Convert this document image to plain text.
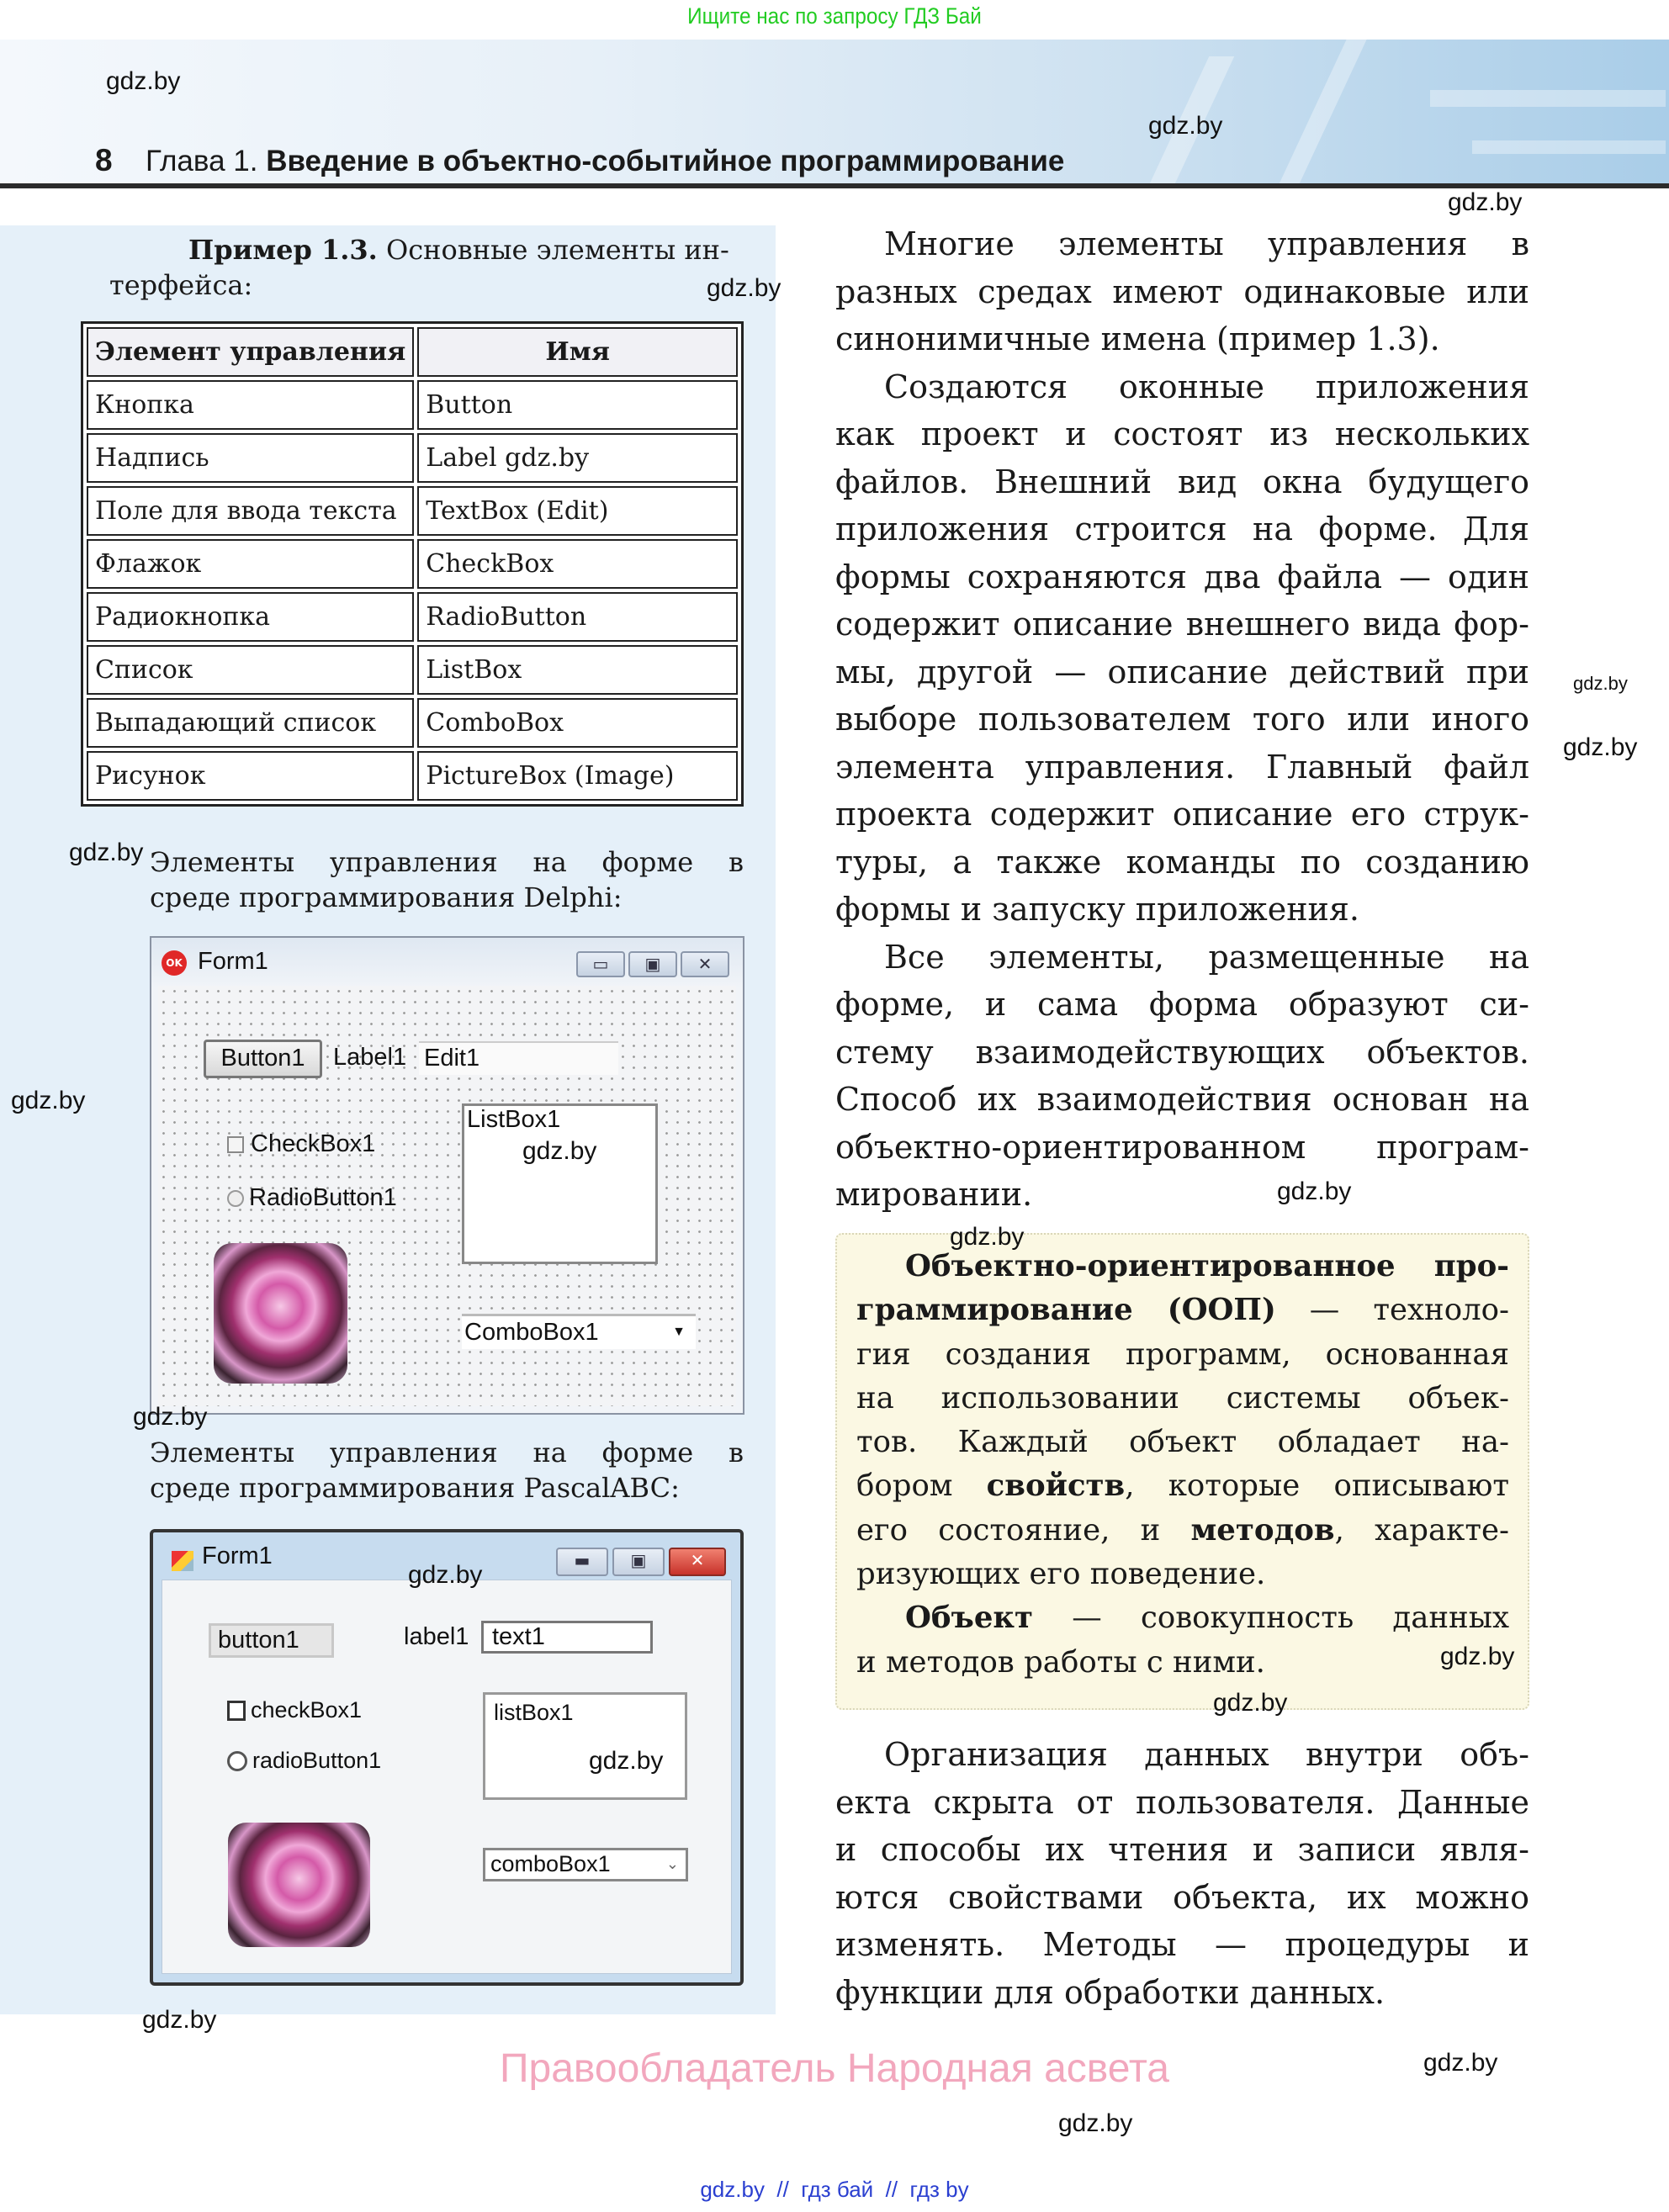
Ищите нас по запросу ГДЗ Бай
8 Глава 1. Введение в объектно-событийное программирование
Пример 1.3. Основные элементы ин-
терфейса:
Элемент управления	Имя
Кнопка	Button
Надпись	Label gdz.by
Поле для ввода текста	TextBox (Edit)
Флажок	CheckBox
Радиокнопка	RadioButton
Список	ListBox
Выпадающий список	ComboBox
Рисунок	PictureBox (Image)
Элементы управления на форме в
среде программирования Delphi:
OK Form1	▭	▣	✕
Button1	Label1 Edit1
ListBox1
CheckBox1
RadioButton1
ComboBox1	▼
Элементы управления на форме в
среде программирования PascalABC:
Form1	▬	▣	✕
button1	label1 text1
listBox1
checkBox1
radioButton1
comboBox1	⌄
Многие элементы управления в
разных средах имеют одинаковые или
синонимичные имена (пример 1.3).
Создаются оконные приложения
как проект и состоят из нескольких
файлов. Внешний вид окна будущего
приложения строится на форме. Для
формы сохраняются два файла — один
содержит описание внешнего вида фор-
мы, другой — описание действий при
выборе пользователем того или иного
элемента управления. Главный файл
проекта содержит описание его струк-
туры, а также команды по созданию
формы и запуску приложения.
Все элементы, размещенные на
форме, и сама форма образуют си-
стему взаимодействующих объектов.
Способ их взаимодействия основан на
объектно-ориентированном програм-
мировании.
Объектно-ориентированное про-
граммирование (ООП) — техноло-
гия создания программ, основанная
на использовании системы объек-
тов. Каждый объект обладает на-
бором свойств, которые описывают
его состояние, и методов, характе-
ризующих его поведение.
Объект — совокупность данных
и методов работы с ними.
Организация данных внутри объ-
екта скрыта от пользователя. Данные
и способы их чтения и записи явля-
ются свойствами объекта, их можно
изменять. Методы — процедуры и
функции для обработки данных.
gdz.by
gdz.by
gdz.by
gdz.by
gdz.by
gdz.by
gdz.by
gdz.by
gdz.by
gdz.by
gdz.by
gdz.by
gdz.by
gdz.by
gdz.by
gdz.by
gdz.by
gdz.by
gdz.by
Правообладатель Народная асвета
gdz.by  //  гдз бай  //  гдз by
